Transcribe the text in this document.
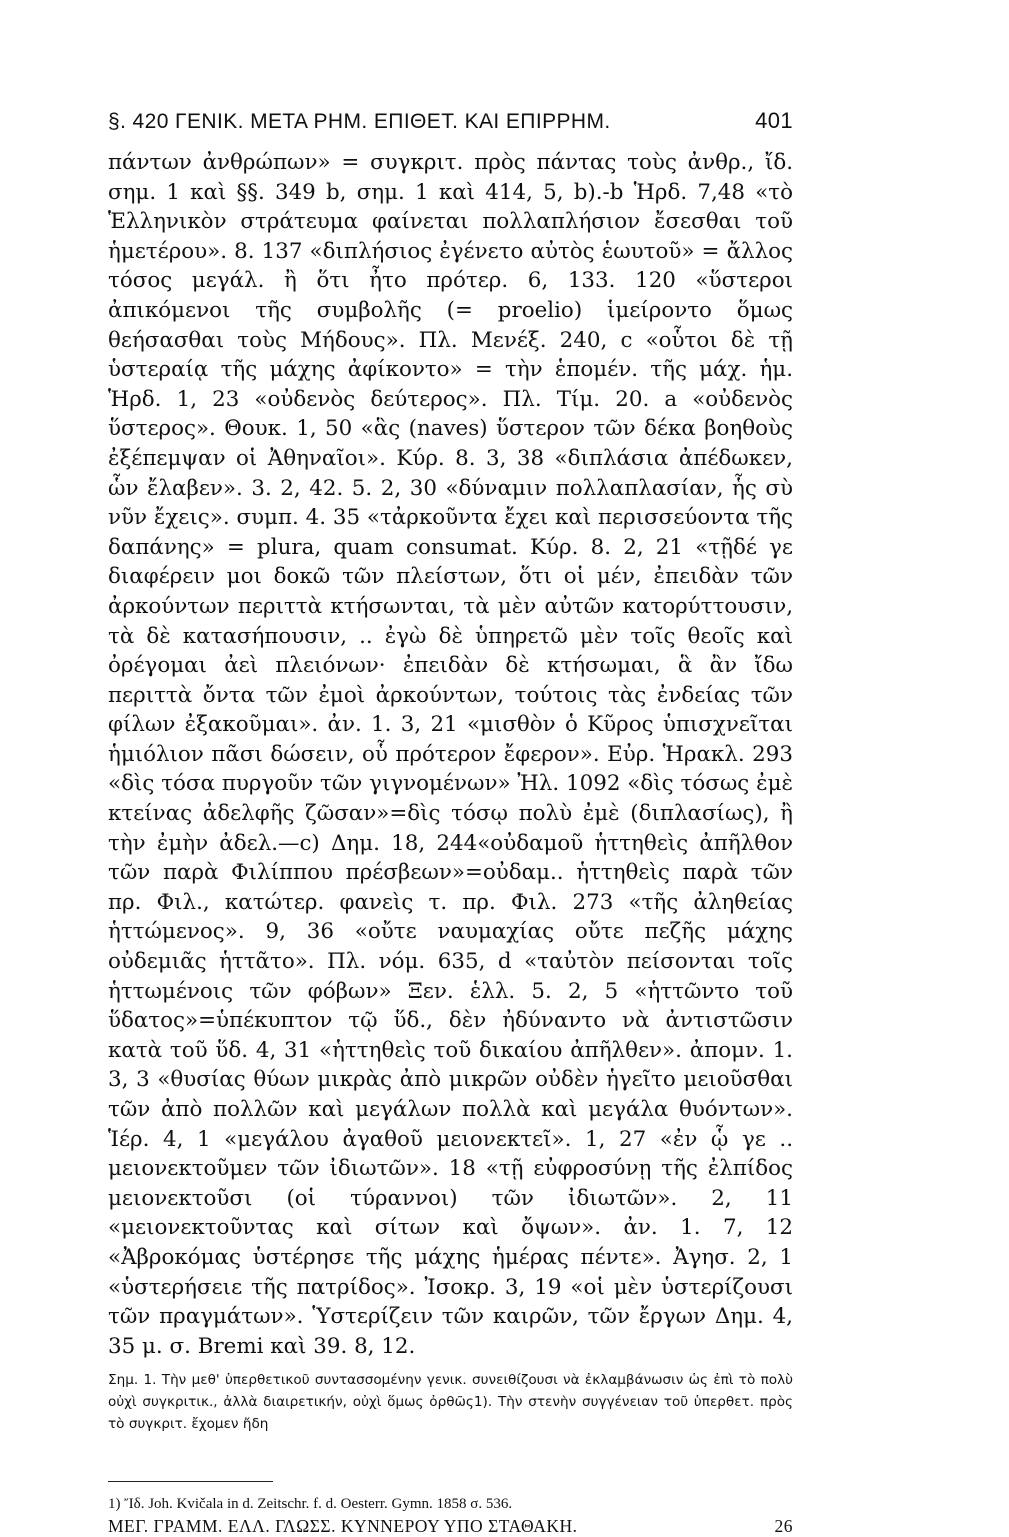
§. 420 ΓΕΝΙΚ. ΜΕΤΑ ΡΗΜ. ΕΠΙΘΕΤ. ΚΑΙ ΕΠΙΡΡΗΜ.	401

πάντων ἀνθρώπων» = συγκριτ. πρὸς πάντας τοὺς ἀνθρ., ἴδ. σημ. 1 καὶ §§. 349 b, σημ. 1 καὶ 414, 5, b).-b Ἡρδ. 7,48 «τὸ Ἑλληνικὸν στράτευμα φαίνεται πολλαπλήσιον ἔσεσθαι τοῦ ἡμετέρου». 8. 137 «διπλήσιος ἐγένετο αὐτὸς ἑωυτοῦ» = ἄλλος τόσος μεγάλ. ἢ ὅτι ἦτο πρότερ. 6, 133. 120 «ὕστεροι ἀπικόμενοι τῆς συμβολῆς (= proelio) ἱμείροντο ὅμως θεήσασθαι τοὺς Μήδους». Πλ. Μενέξ. 240, c «οὗτοι δὲ τῇ ὑστεραίᾳ τῆς μάχης ἀφίκοντο» = τὴν ἑπομέν. τῆς μάχ. ἡμ. Ἡρδ. 1, 23 «οὐδενὸς δεύτερος». Πλ. Τίμ. 20. a «οὐδενὸς ὕστερος». Θουκ. 1, 50 «ἃς (naves) ὕστερον τῶν δέκα βοηθοὺς ἐξέπεμψαν οἱ Ἀθηναῖοι». Κύρ. 8. 3, 38 «διπλάσια ἀπέδωκεν, ὧν ἔλαβεν». 3. 2, 42. 5. 2, 30 «δύναμιν πολλαπλασίαν, ἧς σὺ νῦν ἔχεις». συμπ. 4. 35 «τἀρκοῦντα ἔχει καὶ περισσεύοντα τῆς δαπάνης» = plura, quam consumat. Κύρ. 8. 2, 21 «τῇδέ γε διαφέρειν μοι δοκῶ τῶν πλείστων, ὅτι οἱ μέν, ἐπειδὰν τῶν ἀρκούντων περιττὰ κτήσωνται, τὰ μὲν αὐτῶν κατορύττουσιν, τὰ δὲ κατασήπουσιν, .. ἐγὼ δὲ ὑπηρετῶ μὲν τοῖς θεοῖς καὶ ὀρέγομαι ἀεὶ πλειόνων· ἐπειδὰν δὲ κτήσωμαι, ἃ ἂν ἴδω περιττὰ ὄντα τῶν ἐμοὶ ἀρκούντων, τούτοις τὰς ἐνδείας τῶν φίλων ἐξακοῦμαι». ἀν. 1. 3, 21 «μισθὸν ὁ Κῦρος ὑπισχνεῖται ἡμιόλιον πᾶσι δώσειν, οὗ πρότερον ἔφερον». Εὐρ. Ἡρακλ. 293 «δὶς τόσα πυργοῦν τῶν γιγνομένων» Ἠλ. 1092 «δὶς τόσως ἐμὲ κτείνας ἀδελφῆς ζῶσαν»=δὶς τόσῳ πολὺ ἐμὲ (διπλασίως), ἢ τὴν ἐμὴν ἀδελ.—c) Δημ. 18, 244«οὐδαμοῦ ἡττηθεὶς ἀπῆλθον τῶν παρὰ Φιλίππου πρέσβεων»=οὐδαμ.. ἡττηθεὶς παρὰ τῶν πρ. Φιλ., κατώτερ. φανεὶς τ. πρ. Φιλ. 273 «τῆς ἀληθείας ἡττώμενος». 9, 36 «οὔτε ναυμαχίας οὔτε πεζῆς μάχης οὐδεμιᾶς ἡττᾶτο». Πλ. νόμ. 635, d «ταὐτὸν πείσονται τοῖς ἡττωμένοις τῶν φόβων» Ξεν. ἑλλ. 5. 2, 5 «ἡττῶντο τοῦ ὕδατος»=ὑπέκυπτον τῷ ὕδ., δὲν ἠδύναντο νὰ ἀντιστῶσιν κατὰ τοῦ ὕδ. 4, 31 «ἡττηθεὶς τοῦ δικαίου ἀπῆλθεν». ἀπομν. 1. 3, 3 «θυσίας θύων μικρὰς ἀπὸ μικρῶν οὐδὲν ἡγεῖτο μειοῦσθαι τῶν ἀπὸ πολλῶν καὶ μεγάλων πολλὰ καὶ μεγάλα θυόντων». Ἱέρ. 4, 1 «μεγάλου ἀγαθοῦ μειονεκτεῖ». 1, 27 «ἐν ᾧ γε .. μειονεκτοῦμεν τῶν ἰδιωτῶν». 18 «τῇ εὐφροσύνῃ τῆς ἐλπίδος μειονεκτοῦσι (οἱ τύραννοι) τῶν ἰδιωτῶν». 2, 11 «μειονεκτοῦντας καὶ σίτων καὶ ὄψων». ἀν. 1. 7, 12 «Ἀβροκόμας ὑστέρησε τῆς μάχης ἡμέρας πέντε». Ἀγησ. 2, 1 «ὑστερήσειε τῆς πατρίδος». Ἰσοκρ. 3, 19 «οἱ μὲν ὑστερίζουσι τῶν πραγμάτων». Ὑστερίζειν τῶν καιρῶν, τῶν ἔργων Δημ. 4, 35 μ. σ. Bremi καὶ 39. 8, 12.

Σημ. 1. Τὴν μεθ' ὑπερθετικοῦ συντασσομένην γενικ. συνειθίζουσι νὰ ἐκλαμβάνωσιν ὡς ἐπὶ τὸ πολὺ οὐχὶ συγκριτικ., ἀλλὰ διαιρετικήν, οὐχὶ ὅμως ὀρθῶς1). Τὴν στενὴν συγγένειαν τοῦ ὑπερθετ. πρὸς τὸ συγκριτ. ἔχομεν ἤδη
1) Ἴδ. Joh. Kvičala in d. Zeitschr. f. d. Oesterr. Gymn. 1858 σ. 536.
ΜΕΓ. ΓΡΑΜΜ. ΕΛΛ. ΓΛΩΣΣ. ΚΥΝΝΕΡΟΥ ΥΠΟ ΣΤΑΘΑΚΗ.	26
